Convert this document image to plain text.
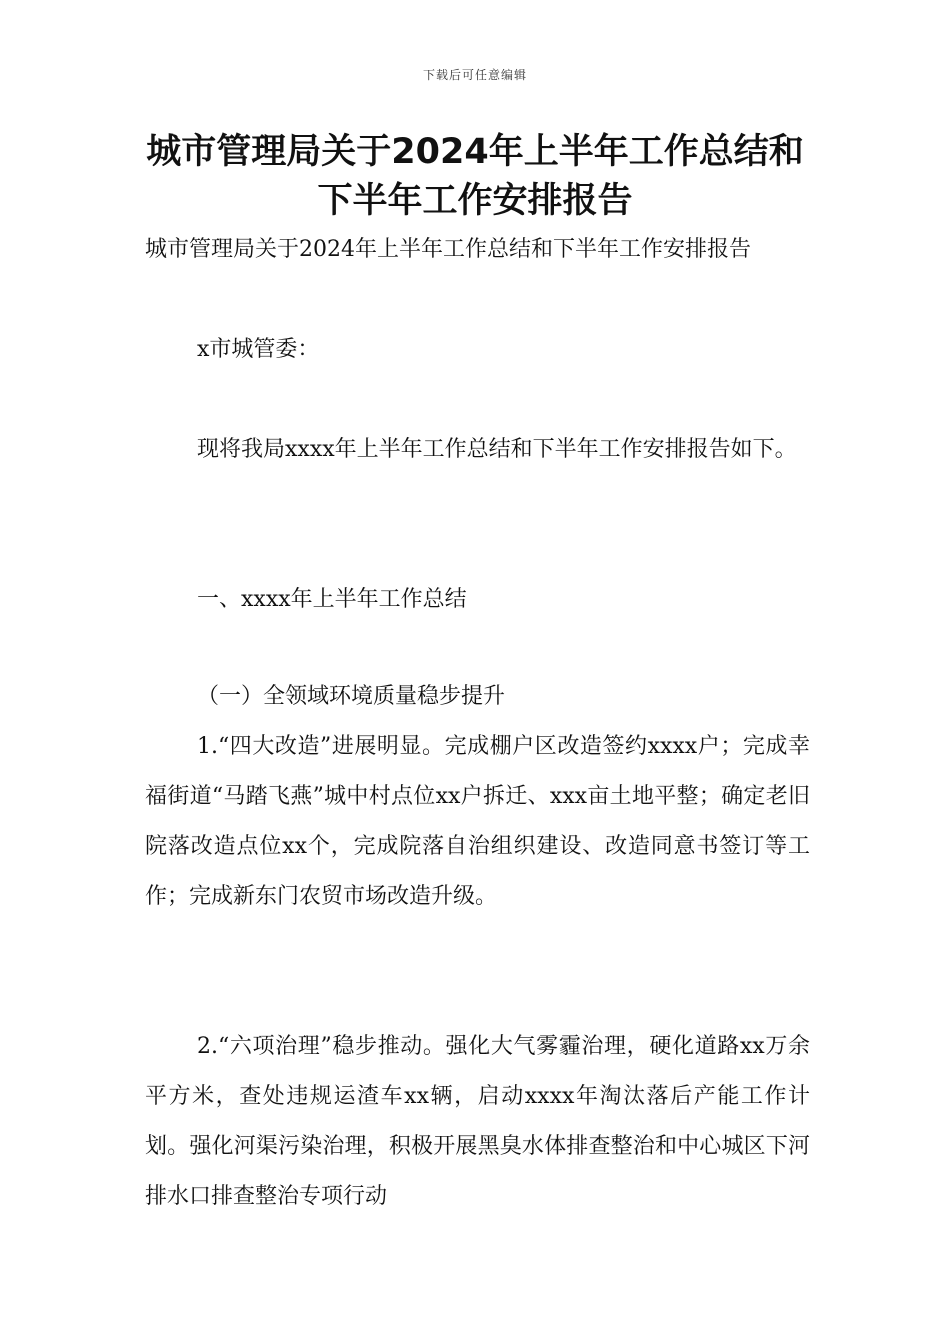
下载后可任意编辑
城市管理局关于2024年上半年工作总结和
下半年工作安排报告

城市管理局关于2024年上半年工作总结和下半年工作安排报告

x市城管委：

现将我局xxxx年上半年工作总结和下半年工作安排报告如下。

一、xxxx年上半年工作总结

（一）全领域环境质量稳步提升

1.“四大改造”进展明显。完成棚户区改造签约xxxx户；完成幸福街道“马踏飞燕”城中村点位xx户拆迁、xxx亩土地平整；确定老旧院落改造点位xx个，完成院落自治组织建设、改造同意书签订等工作；完成新东门农贸市场改造升级。

2.“六项治理”稳步推动。强化大气雾霾治理，硬化道路xx万余平方米，查处违规运渣车xx辆，启动xxxx年淘汰落后产能工作计划。强化河渠污染治理，积极开展黑臭水体排查整治和中心城区下河排水口排查整治专项行动
